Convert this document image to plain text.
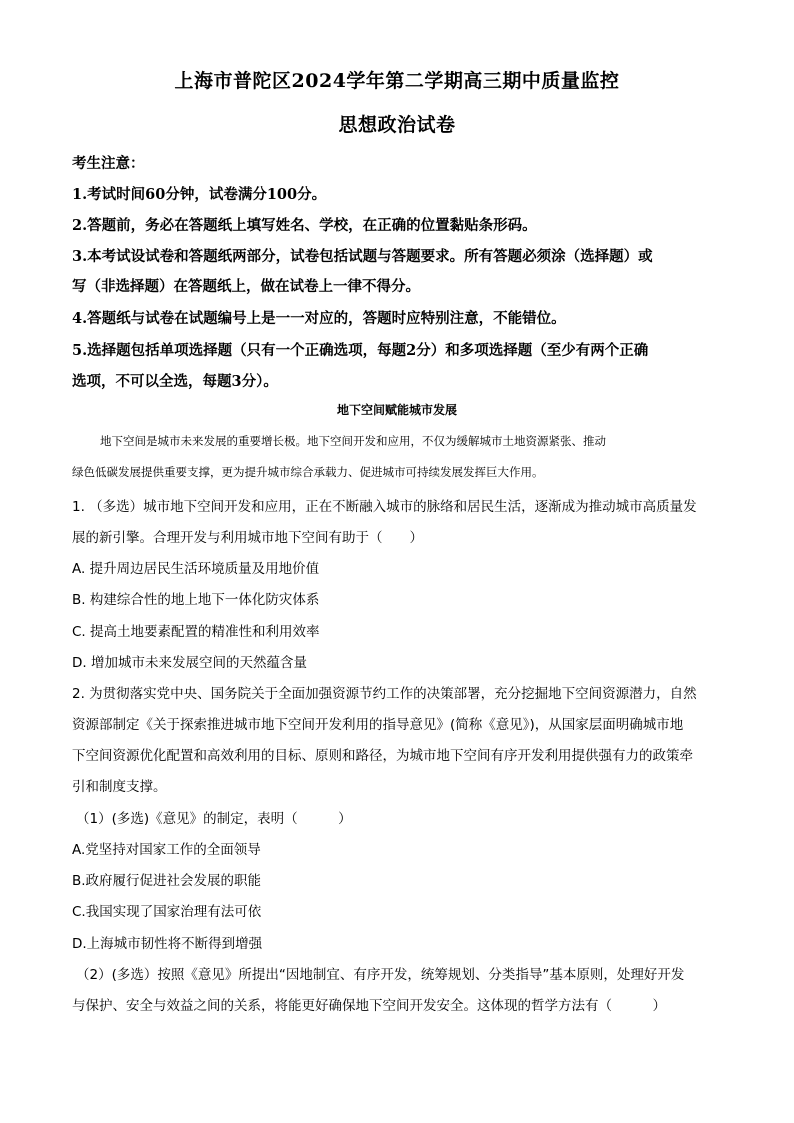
上海市普陀区2024学年第二学期高三期中质量监控
思想政治试卷
考生注意：
1.考试时间60分钟，试卷满分100分。
2.答题前，务必在答题纸上填写姓名、学校，在正确的位置黏贴条形码。
3.本考试设试卷和答题纸两部分，试卷包括试题与答题要求。所有答题必须涂（选择题）或
写（非选择题）在答题纸上，做在试卷上一律不得分。
4.答题纸与试卷在试题编号上是一一对应的，答题时应特别注意，不能错位。
5.选择题包括单项选择题（只有一个正确选项，每题2分）和多项选择题（至少有两个正确
选项，不可以全选，每题3分）。
地下空间赋能城市发展
地下空间是城市未来发展的重要增长极。地下空间开发和应用，不仅为缓解城市土地资源紧张、推动
绿色低碳发展提供重要支撑，更为提升城市综合承载力、促进城市可持续发展发挥巨大作用。
1. （多选）城市地下空间开发和应用，正在不断融入城市的脉络和居民生活，逐渐成为推动城市高质量发
展的新引擎。合理开发与利用城市地下空间有助于（　　）
A. 提升周边居民生活环境质量及用地价值
B. 构建综合性的地上地下一体化防灾体系
C. 提高土地要素配置的精准性和利用效率
D. 增加城市未来发展空间的天然蕴含量
2. 为贯彻落实党中央、国务院关于全面加强资源节约工作的决策部署，充分挖掘地下空间资源潜力，自然
资源部制定《关于探索推进城市地下空间开发利用的指导意见》(简称《意见》)，从国家层面明确城市地
下空间资源优化配置和高效利用的目标、原则和路径，为城市地下空间有序开发利用提供强有力的政策牵
引和制度支撑。
（1）(多选)《意见》的制定，表明（　　　）
A.党坚持对国家工作的全面领导
B.政府履行促进社会发展的职能
C.我国实现了国家治理有法可依
D.上海城市韧性将不断得到增强
（2）(多选）按照《意见》所提出“因地制宜、有序开发，统筹规划、分类指导”基本原则，处理好开发
与保护、安全与效益之间的关系，将能更好确保地下空间开发安全。这体现的哲学方法有（　　　）
